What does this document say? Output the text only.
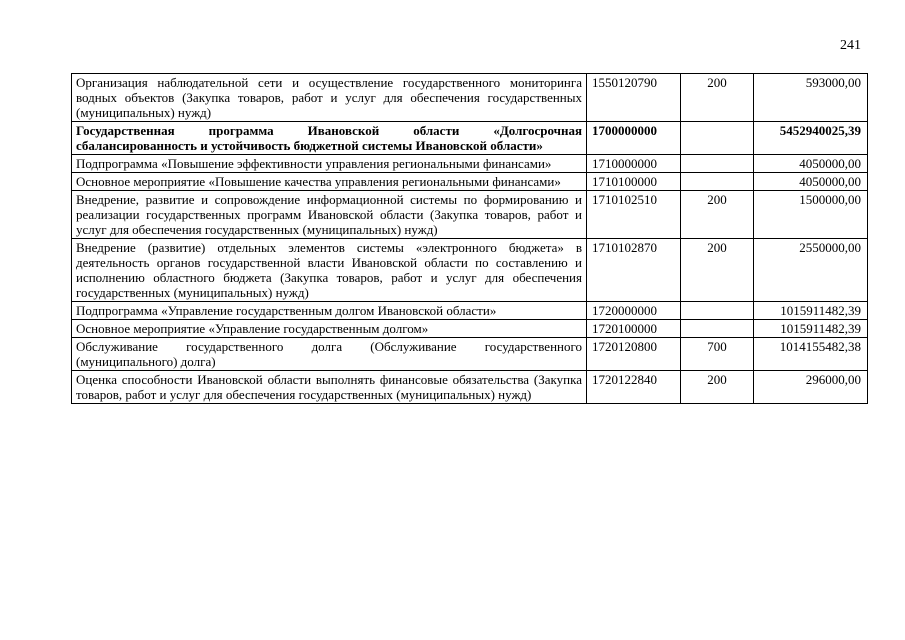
241
Организация наблюдательной сети и осуществление государственного мониторинга водных объектов (Закупка товаров, работ и услуг для обеспечения государственных (муниципальных) нужд)	1550120790	200	593000,00
Государственная программа Ивановской области «Долгосрочная сбалансированность и устойчивость бюджетной системы Ивановской области»	1700000000		5452940025,39
Подпрограмма «Повышение эффективности управления региональными финансами»	1710000000		4050000,00
Основное мероприятие «Повышение качества управления региональными финансами»	1710100000		4050000,00
Внедрение, развитие и сопровождение информационной системы по формированию и реализации государственных программ Ивановской области (Закупка товаров, работ и услуг для обеспечения государственных (муниципальных) нужд)	1710102510	200	1500000,00
Внедрение (развитие) отдельных элементов системы «электронного бюджета» в деятельность органов государственной власти Ивановской области по составлению и исполнению областного бюджета (Закупка товаров, работ и услуг для обеспечения государственных (муниципальных) нужд)	1710102870	200	2550000,00
Подпрограмма «Управление государственным долгом Ивановской области»	1720000000		1015911482,39
Основное мероприятие «Управление государственным долгом»	1720100000		1015911482,39
Обслуживание государственного долга (Обслуживание государственного (муниципального) долга)	1720120800	700	1014155482,38
Оценка способности Ивановской области выполнять финансовые обязательства (Закупка товаров, работ и услуг для обеспечения государственных (муниципальных) нужд)	1720122840	200	296000,00
